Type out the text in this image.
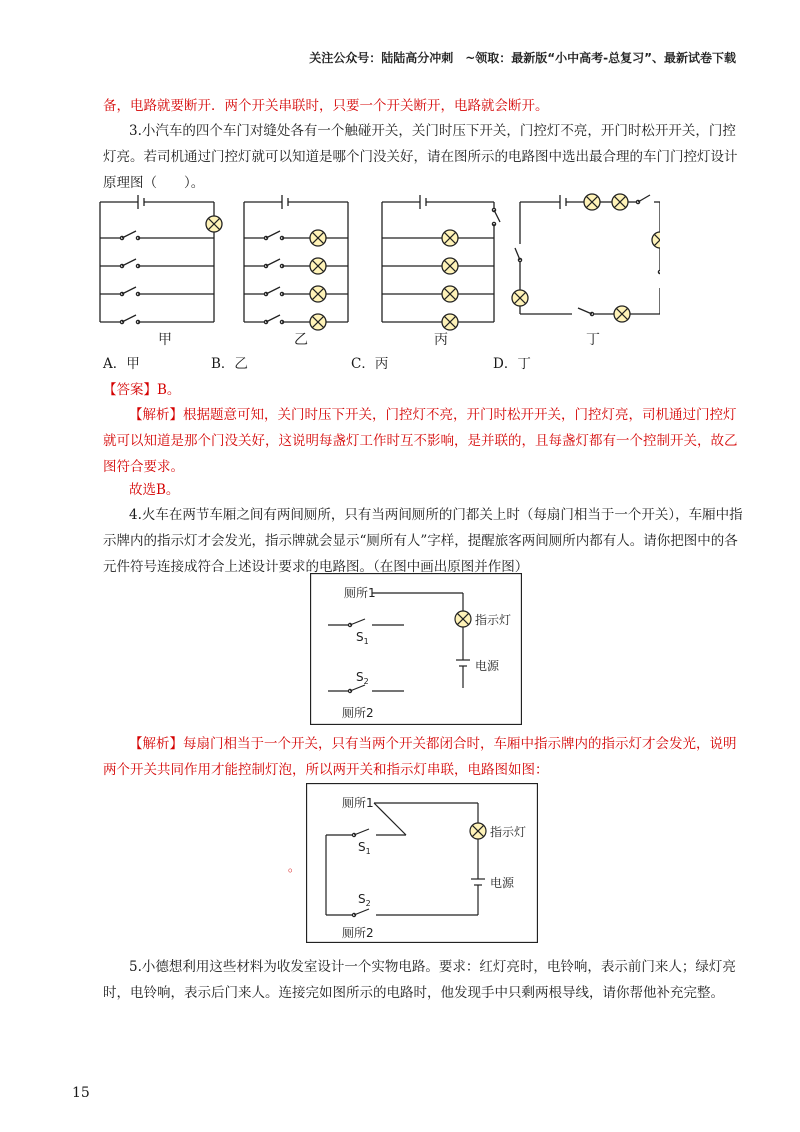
关注公众号：陆陆高分冲刺　~领取：最新版“小中高考-总复习”、最新试卷下载
备，电路就要断开．两个开关串联时，只要一个开关断开，电路就会断开。
3.小汽车的四个车门对缝处各有一个触碰开关，关门时压下开关，门控灯不亮，开门时松开开关，门控灯亮。若司机通过门控灯就可以知道是哪个门没关好，请在图所示的电路图中选出最合理的车门门控灯设计原理图（　　）。
甲	乙	丙	丁
A．甲	B．乙	C．丙	D．丁
【答案】B。
【解析】根据题意可知，关门时压下开关，门控灯不亮，开门时松开开关，门控灯亮，司机通过门控灯就可以知道是那个门没关好，这说明每盏灯工作时互不影响，是并联的，且每盏灯都有一个控制开关，故乙图符合要求。
故选B。
4.火车在两节车厢之间有两间厕所，只有当两间厕所的门都关上时（每扇门相当于一个开关），车厢中指示牌内的指示灯才会发光，指示牌就会显示“厕所有人”字样，提醒旅客两间厕所内都有人。请你把图中的各元件符号连接成符合上述设计要求的电路图。（在图中画出原图并作图）
厕所1
$S_1$
$S_2$
厕所2
指示灯
电源
【解析】每扇门相当于一个开关，只有当两个开关都闭合时，车厢中指示牌内的指示灯才会发光，说明两个开关共同作用才能控制灯泡，所以两开关和指示灯串联，电路图如图：
厕所1
$S_1$
$S_2$
厕所2
指示灯
电源
。
5.小德想利用这些材料为收发室设计一个实物电路。要求：红灯亮时，电铃响，表示前门来人；绿灯亮时，电铃响，表示后门来人。连接完如图所示的电路时，他发现手中只剩两根导线，请你帮他补充完整。
15
